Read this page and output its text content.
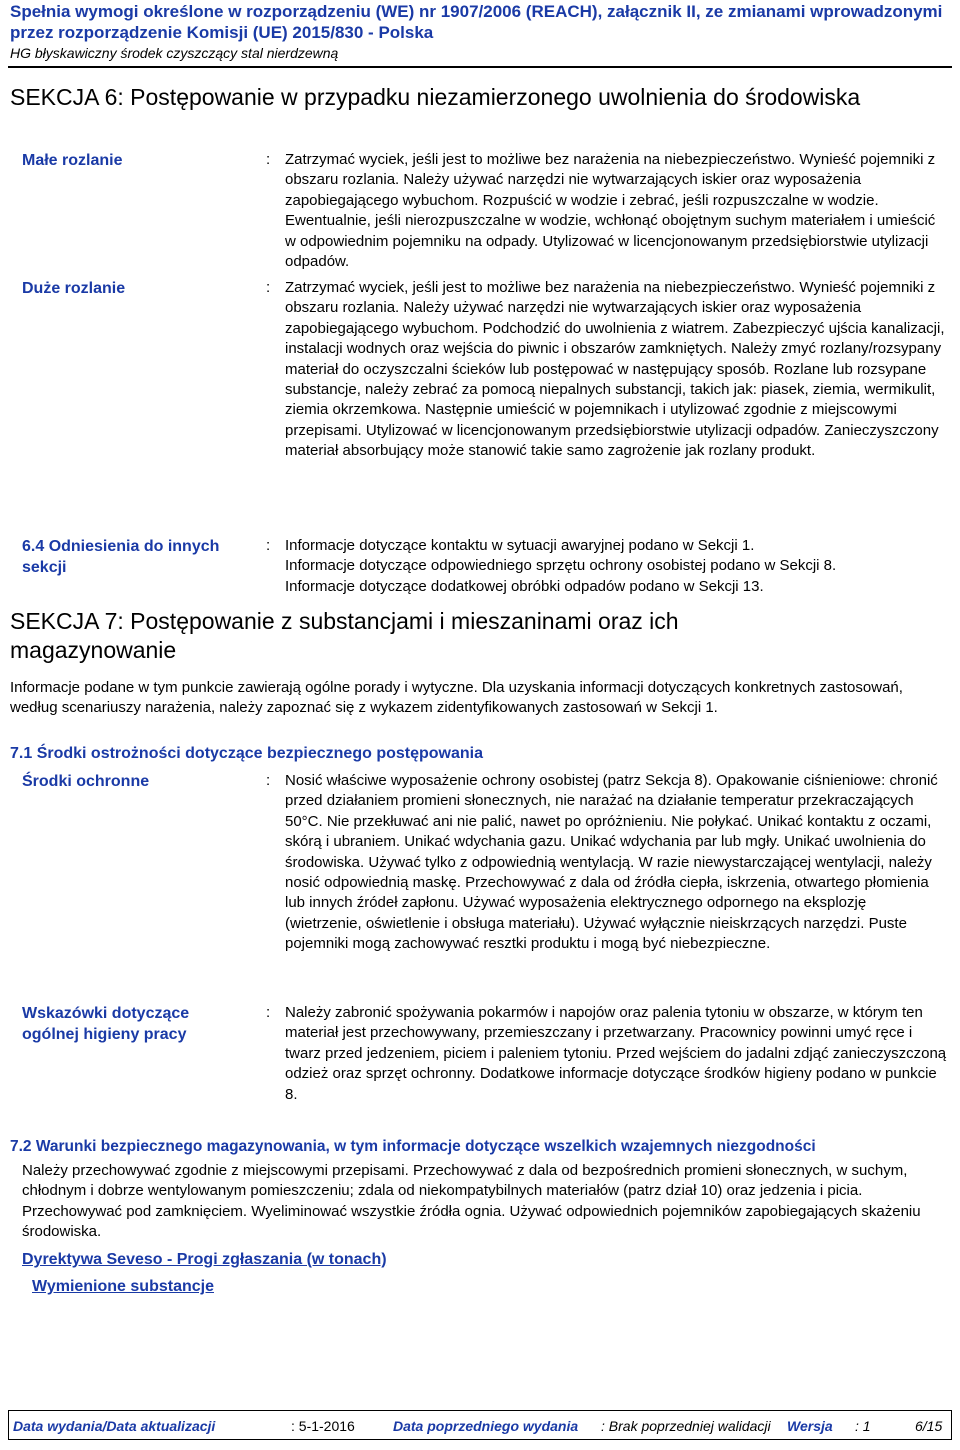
Spełnia wymogi określone w rozporządzeniu (WE) nr 1907/2006 (REACH), załącznik II, ze zmianami wprowadzonymi przez rozporządzenie Komisji (UE) 2015/830 - Polska
HG błyskawiczny środek czyszczący stal nierdzewną
SEKCJA 6: Postępowanie w przypadku niezamierzonego uwolnienia do środowiska
Małe rozlanie	: Zatrzymać wyciek, jeśli jest to możliwe bez narażenia na niebezpieczeństwo. Wynieść pojemniki z obszaru rozlania. Należy używać narzędzi nie wytwarzających iskier oraz wyposażenia zapobiegającego wybuchom. Rozpuścić w wodzie i zebrać, jeśli rozpuszczalne w wodzie. Ewentualnie, jeśli nierozpuszczalne w wodzie, wchłonąć obojętnym suchym materiałem i umieścić w odpowiednim pojemniku na odpady. Utylizować w licencjonowanym przedsiębiorstwie utylizacji odpadów.
Duże rozlanie	: Zatrzymać wyciek, jeśli jest to możliwe bez narażenia na niebezpieczeństwo. Wynieść pojemniki z obszaru rozlania. Należy używać narzędzi nie wytwarzających iskier oraz wyposażenia zapobiegającego wybuchom. Podchodzić do uwolnienia z wiatrem. Zabezpieczyć ujścia kanalizacji, instalacji wodnych oraz wejścia do piwnic i obszarów zamkniętych. Należy zmyć rozlany/rozsypany materiał do oczyszczalni ścieków lub postępować w następujący sposób. Rozlane lub rozsypane substancje, należy zebrać za pomocą niepalnych substancji, takich jak: piasek, ziemia, wermikulit, ziemia okrzemkowa. Następnie umieścić w pojemnikach i utylizować zgodnie z miejscowymi przepisami. Utylizować w licencjonowanym przedsiębiorstwie utylizacji odpadów. Zanieczyszczony materiał absorbujący może stanowić takie samo zagrożenie jak rozlany produkt.
6.4 Odniesienia do innych sekcji
: Informacje dotyczące kontaktu w sytuacji awaryjnej podano w Sekcji 1.
Informacje dotyczące odpowiedniego sprzętu ochrony osobistej podano w Sekcji 8.
Informacje dotyczące dodatkowej obróbki odpadów podano w Sekcji 13.
SEKCJA 7: Postępowanie z substancjami i mieszaninami oraz ich magazynowanie
Informacje podane w tym punkcie zawierają ogólne porady i wytyczne. Dla uzyskania informacji dotyczących konkretnych zastosowań, według scenariuszy narażenia, należy zapoznać się z wykazem zidentyfikowanych zastosowań w Sekcji 1.
7.1 Środki ostrożności dotyczące bezpiecznego postępowania
Środki ochronne	: Nosić właściwe wyposażenie ochrony osobistej (patrz Sekcja 8). Opakowanie ciśnieniowe: chronić przed działaniem promieni słonecznych, nie narażać na działanie temperatur przekraczających 50°C. Nie przekłuwać ani nie palić, nawet po opróżnieniu. Nie połykać. Unikać kontaktu z oczami, skórą i ubraniem. Unikać wdychania gazu. Unikać wdychania par lub mgły. Unikać uwolnienia do środowiska. Używać tylko z odpowiednią wentylacją. W razie niewystarczającej wentylacji, należy nosić odpowiednią maskę. Przechowywać z dala od źródła ciepła, iskrzenia, otwartego płomienia lub innych źródeł zapłonu. Używać wyposażenia elektrycznego odpornego na eksplozję (wietrzenie, oświetlenie i obsługa materiału). Używać wyłącznie nieiskrzących narzędzi. Puste pojemniki mogą zachowywać resztki produktu i mogą być niebezpieczne.
Wskazówki dotyczące ogólnej higieny pracy
: Należy zabronić spożywania pokarmów i napojów oraz palenia tytoniu w obszarze, w którym ten materiał jest przechowywany, przemieszczany i przetwarzany. Pracownicy powinni umyć ręce i twarz przed jedzeniem, piciem i paleniem tytoniu. Przed wejściem do jadalni zdjąć zanieczyszczoną odzież oraz sprzęt ochronny. Dodatkowe informacje dotyczące środków higieny podano w punkcie 8.
7.2 Warunki bezpiecznego magazynowania, w tym informacje dotyczące wszelkich wzajemnych niezgodności
Należy przechowywać zgodnie z miejscowymi przepisami. Przechowywać z dala od bezpośrednich promieni słonecznych, w suchym, chłodnym i dobrze wentylowanym pomieszczeniu; zdala od niekompatybilnych materiałów (patrz dział 10) oraz jedzenia i picia. Przechowywać pod zamknięciem. Wyeliminować wszystkie źródła ognia. Używać odpowiednich pojemników zapobiegających skażeniu środowiska.
Dyrektywa Seveso - Progi zgłaszania (w tonach)
Wymienione substancje
Data wydania/Data aktualizacji	: 5-1-2016	Data poprzedniego wydania : Brak poprzedniej walidacji Wersja : 1	6/15
